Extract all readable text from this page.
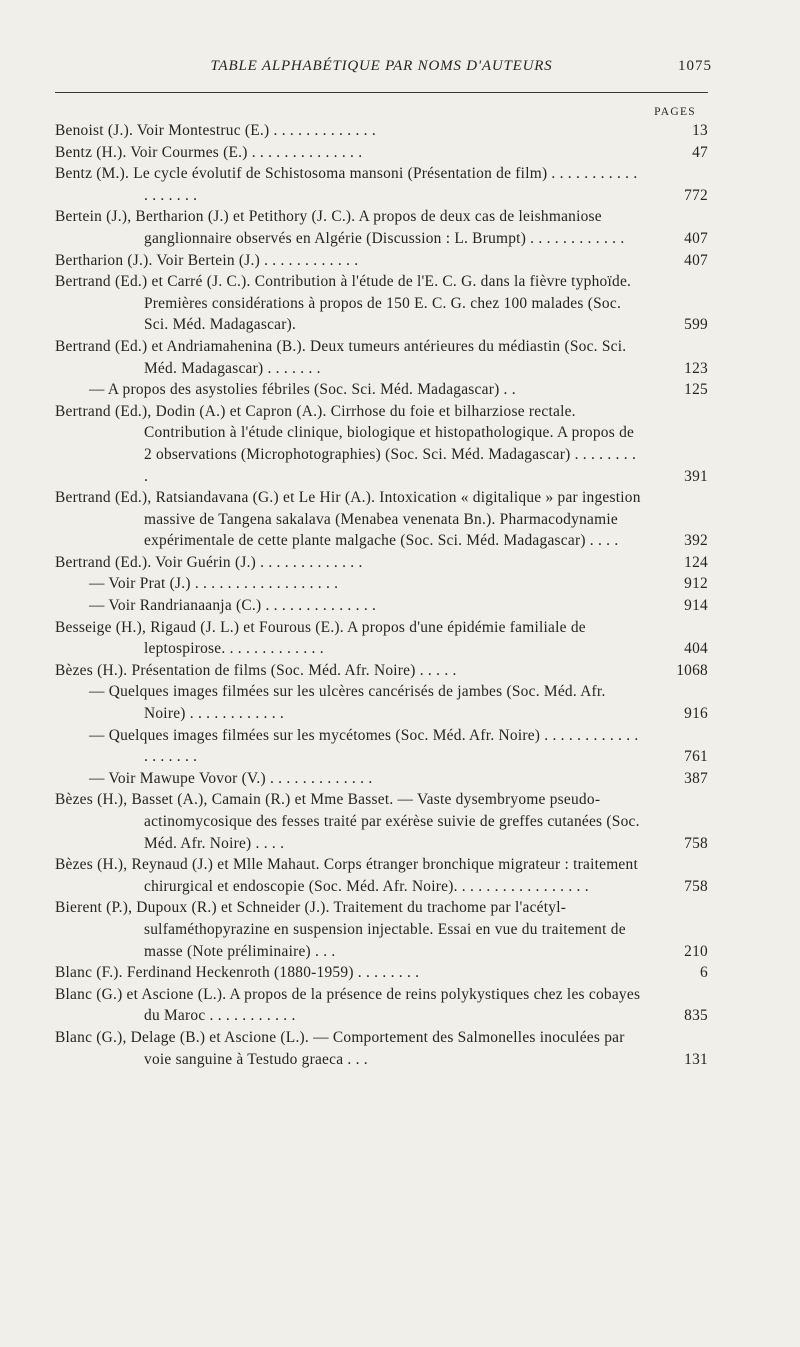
TABLE ALPHABÉTIQUE PAR NOMS D'AUTEURS	1075
PAGES
Benoist (J.). Voir Montestruc (E.) . . . . . . . . . . . . .	13
Bentz (H.). Voir Courmes (E.) . . . . . . . . . . . . . .	47
Bentz (M.). Le cycle évolutif de Schistosoma mansoni (Présentation de film) . . . . . . . . . . . . . . . . . .	772
Bertein (J.), Bertharion (J.) et Petithory (J. C.). A propos de deux cas de leishmaniose ganglionnaire observés en Algérie (Discussion : L. Brumpt) . . . . . . . . . . . .	407
Bertharion (J.). Voir Bertein (J.) . . . . . . . . . . . .	407
Bertrand (Ed.) et Carré (J. C.). Contribution à l'étude de l'E. C. G. dans la fièvre typhoïde. Premières considérations à propos de 150 E. C. G. chez 100 malades (Soc. Sci. Méd. Madagascar).	599
Bertrand (Ed.) et Andriamahenina (B.). Deux tumeurs antérieures du médiastin (Soc. Sci. Méd. Madagascar) . . . . . . .	123
— A propos des asystolies fébriles (Soc. Sci. Méd. Madagascar) . .	125
Bertrand (Ed.), Dodin (A.) et Capron (A.). Cirrhose du foie et bilharziose rectale. Contribution à l'étude clinique, biologique et histopathologique. A propos de 2 observations (Microphotographies) (Soc. Sci. Méd. Madagascar) . . . . . . . . .	391
Bertrand (Ed.), Ratsiandavana (G.) et Le Hir (A.). Intoxication « digitalique » par ingestion massive de Tangena sakalava (Menabea venenata Bn.). Pharmacodynamie expérimentale de cette plante malgache (Soc. Sci. Méd. Madagascar) . . . .	392
Bertrand (Ed.). Voir Guérin (J.) . . . . . . . . . . . . .	124
— Voir Prat (J.) . . . . . . . . . . . . . . . . . .	912
— Voir Randrianaanja (C.) . . . . . . . . . . . . . .	914
Besseige (H.), Rigaud (J. L.) et Fourous (E.). A propos d'une épidémie familiale de leptospirose. . . . . . . . . . . . .	404
Bèzes (H.). Présentation de films (Soc. Méd. Afr. Noire) . . . . .	1068
— Quelques images filmées sur les ulcères cancérisés de jambes (Soc. Méd. Afr. Noire) . . . . . . . . . . . .	916
— Quelques images filmées sur les mycétomes (Soc. Méd. Afr. Noire) . . . . . . . . . . . . . . . . . . .	761
— Voir Mawupe Vovor (V.) . . . . . . . . . . . . .	387
Bèzes (H.), Basset (A.), Camain (R.) et Mme Basset. — Vaste dysembryome pseudo-actinomycosique des fesses traité par exérèse suivie de greffes cutanées (Soc. Méd. Afr. Noire) . . . .	758
Bèzes (H.), Reynaud (J.) et Mlle Mahaut. Corps étranger bronchique migrateur : traitement chirurgical et endoscopie (Soc. Méd. Afr. Noire). . . . . . . . . . . . . . . . .	758
Bierent (P.), Dupoux (R.) et Schneider (J.). Traitement du trachome par l'acétyl-sulfaméthopyrazine en suspension injectable. Essai en vue du traitement de masse (Note préliminaire) . . .	210
Blanc (F.). Ferdinand Heckenroth (1880-1959) . . . . . . . .	6
Blanc (G.) et Ascione (L.). A propos de la présence de reins polykystiques chez les cobayes du Maroc . . . . . . . . . . .	835
Blanc (G.), Delage (B.) et Ascione (L.). — Comportement des Salmonelles inoculées par voie sanguine à Testudo graeca . . .	131
